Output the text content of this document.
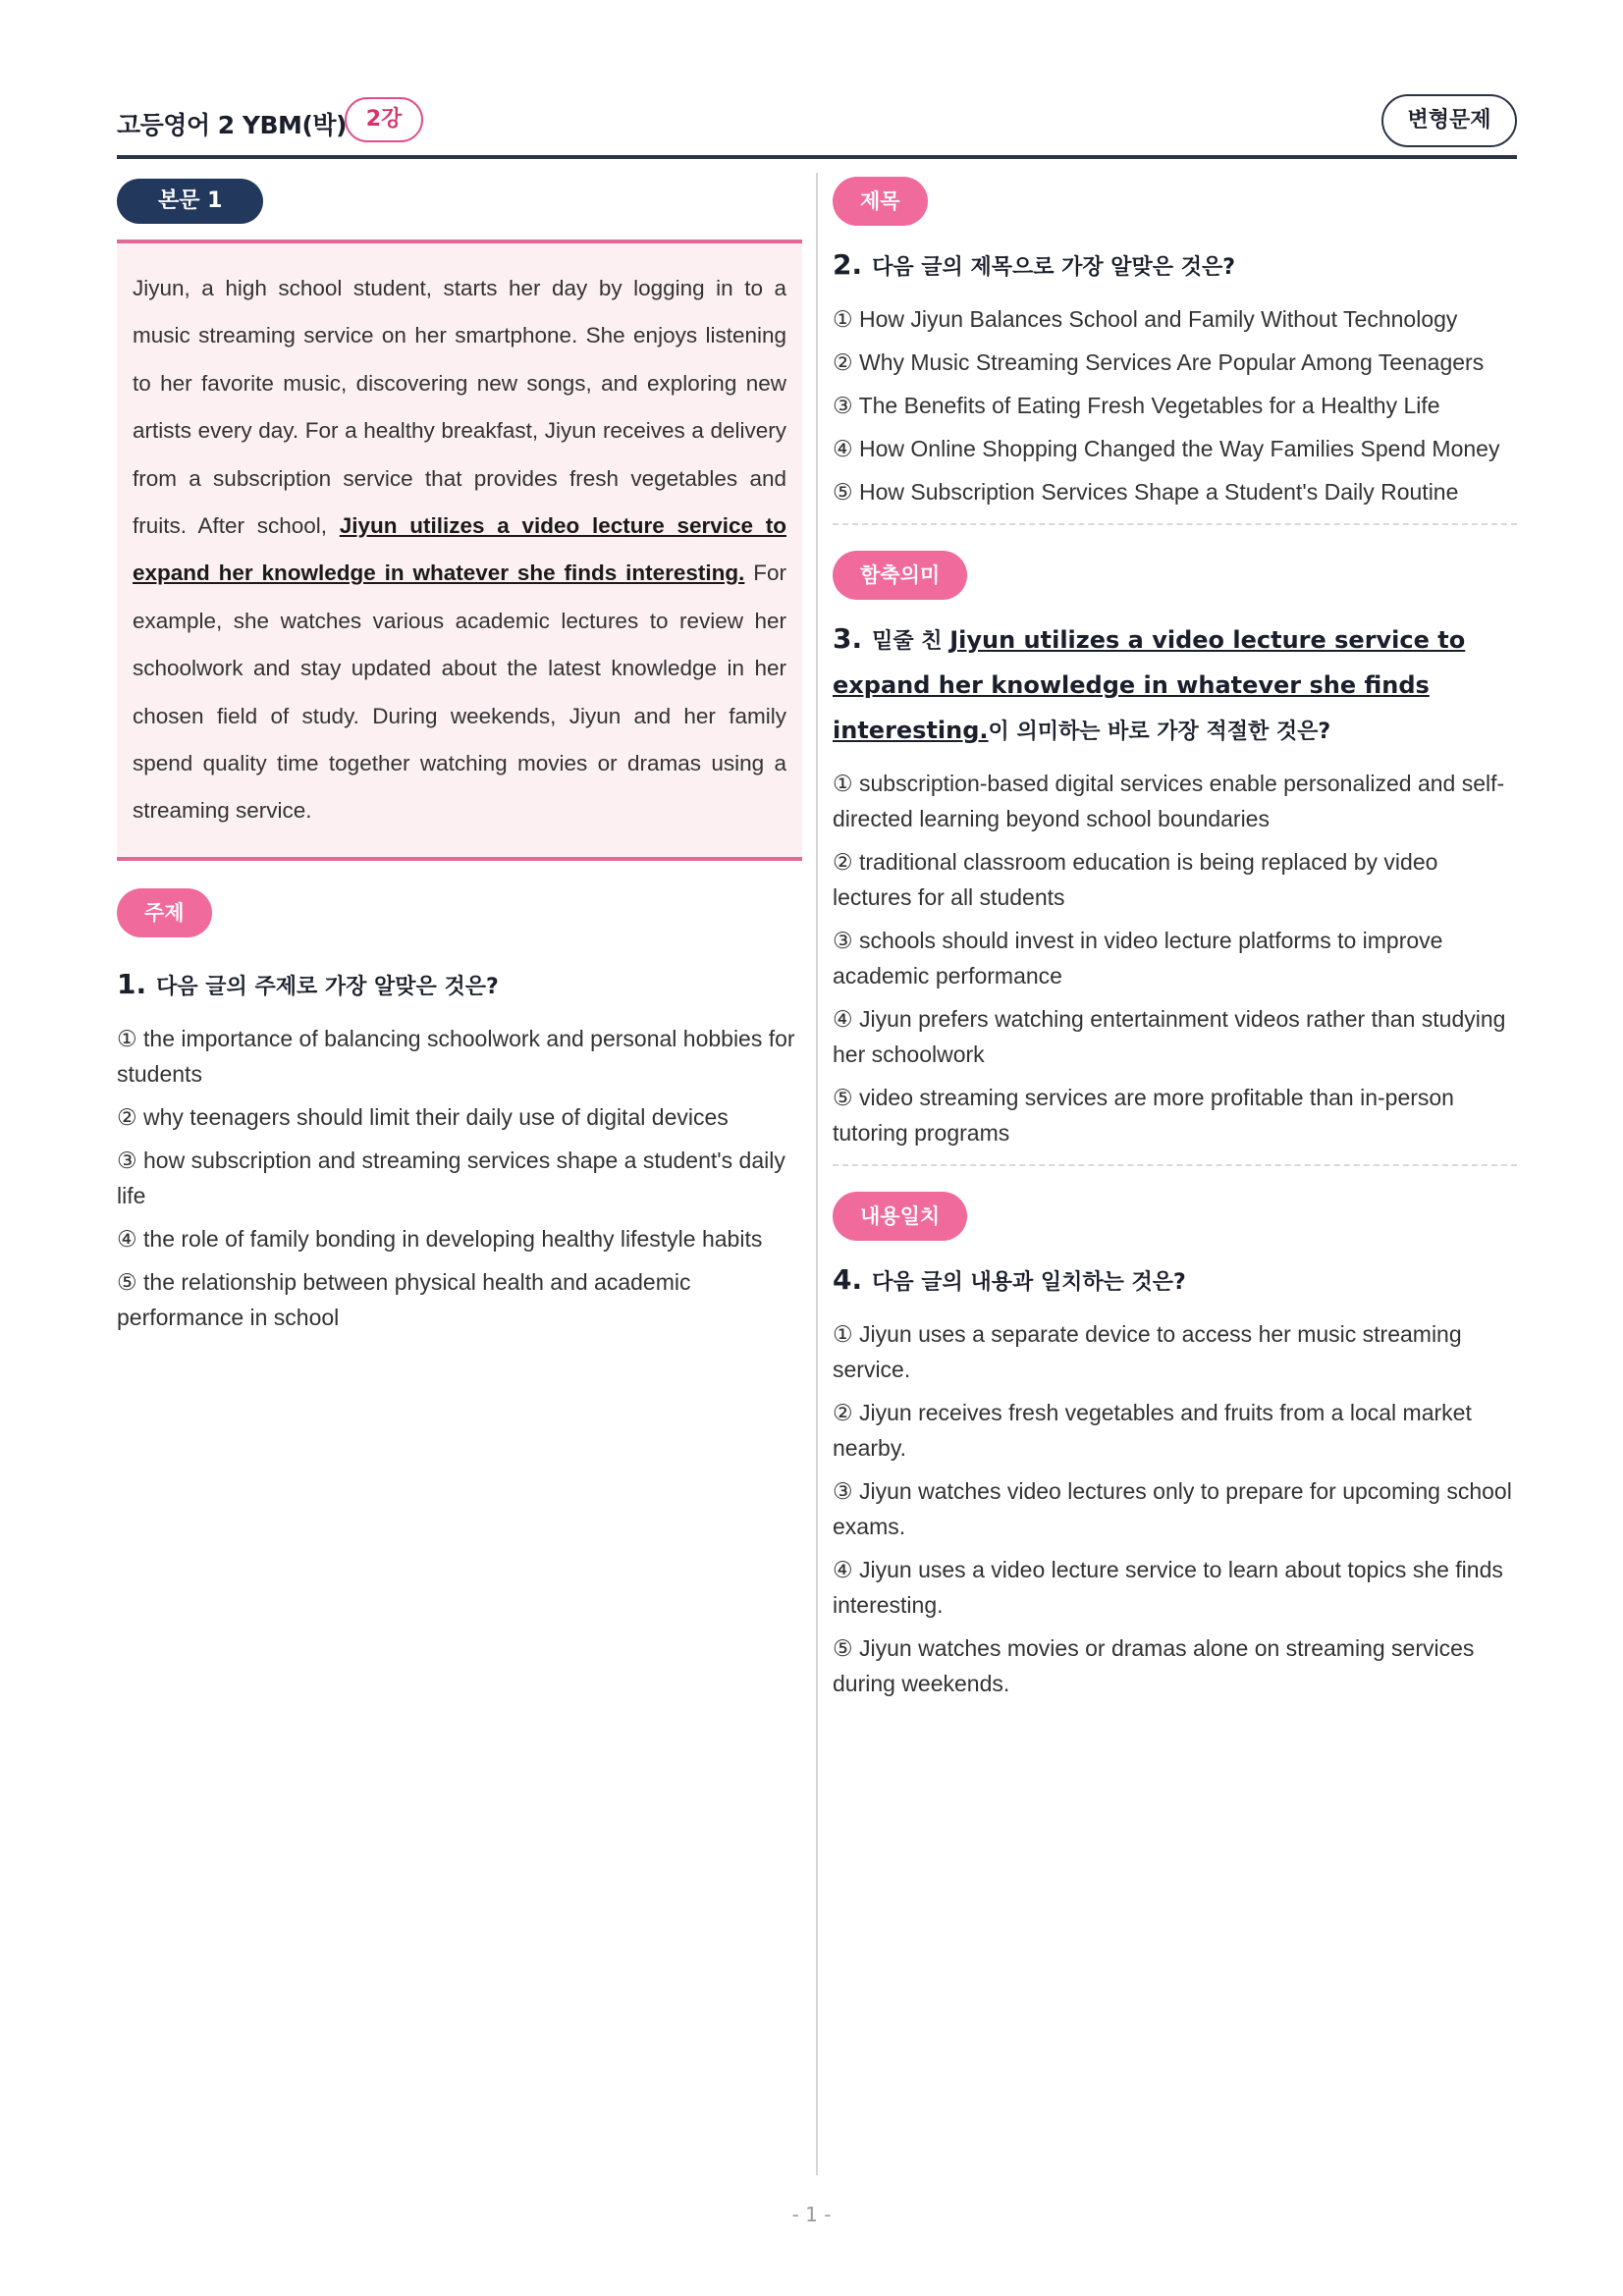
고등영어 2 YBM(박) 2강	변형문제
본문 1

Jiyun, a high school student, starts her day by logging in to a music streaming service on her smartphone. She enjoys listening to her favorite music, discovering new songs, and exploring new artists every day. For a healthy breakfast, Jiyun receives a delivery from a subscription service that provides fresh vegetables and fruits. After school, Jiyun utilizes a video lecture service to expand her knowledge in whatever she finds interesting. For example, she watches various academic lectures to review her schoolwork and stay updated about the latest knowledge in her chosen field of study. During weekends, Jiyun and her family spend quality time together watching movies or dramas using a streaming service.

주제
1. 다음 글의 주제로 가장 알맞은 것은?
① the importance of balancing schoolwork and personal hobbies for students
② why teenagers should limit their daily use of digital devices
③ how subscription and streaming services shape a student's daily life
④ the role of family bonding in developing healthy lifestyle habits
⑤ the relationship between physical health and academic performance in school
제목
2. 다음 글의 제목으로 가장 알맞은 것은?
① How Jiyun Balances School and Family Without Technology
② Why Music Streaming Services Are Popular Among Teenagers
③ The Benefits of Eating Fresh Vegetables for a Healthy Life
④ How Online Shopping Changed the Way Families Spend Money
⑤ How Subscription Services Shape a Student's Daily Routine
함축의미
3. 밑줄 친 Jiyun utilizes a video lecture service to expand her knowledge in whatever she finds interesting.이 의미하는 바로 가장 적절한 것은?
① subscription-based digital services enable personalized and self-directed learning beyond school boundaries
② traditional classroom education is being replaced by video lectures for all students
③ schools should invest in video lecture platforms to improve academic performance
④ Jiyun prefers watching entertainment videos rather than studying her schoolwork
⑤ video streaming services are more profitable than in-person tutoring programs
내용일치
4. 다음 글의 내용과 일치하는 것은?
① Jiyun uses a separate device to access her music streaming service.
② Jiyun receives fresh vegetables and fruits from a local market nearby.
③ Jiyun watches video lectures only to prepare for upcoming school exams.
④ Jiyun uses a video lecture service to learn about topics she finds interesting.
⑤ Jiyun watches movies or dramas alone on streaming services during weekends.
- 1 -
